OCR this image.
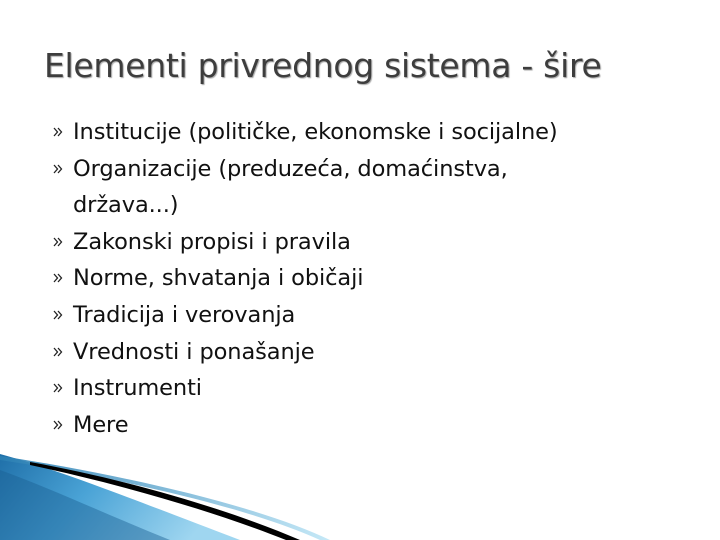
Elementi privrednog sistema - šire
Institucije (političke, ekonomske i socijalne)
Organizacije (preduzeća, domaćinstva, država...)
Zakonski propisi i pravila
Norme, shvatanja i običaji
Tradicija i verovanja
Vrednosti i ponašanje
Instrumenti
Mere
